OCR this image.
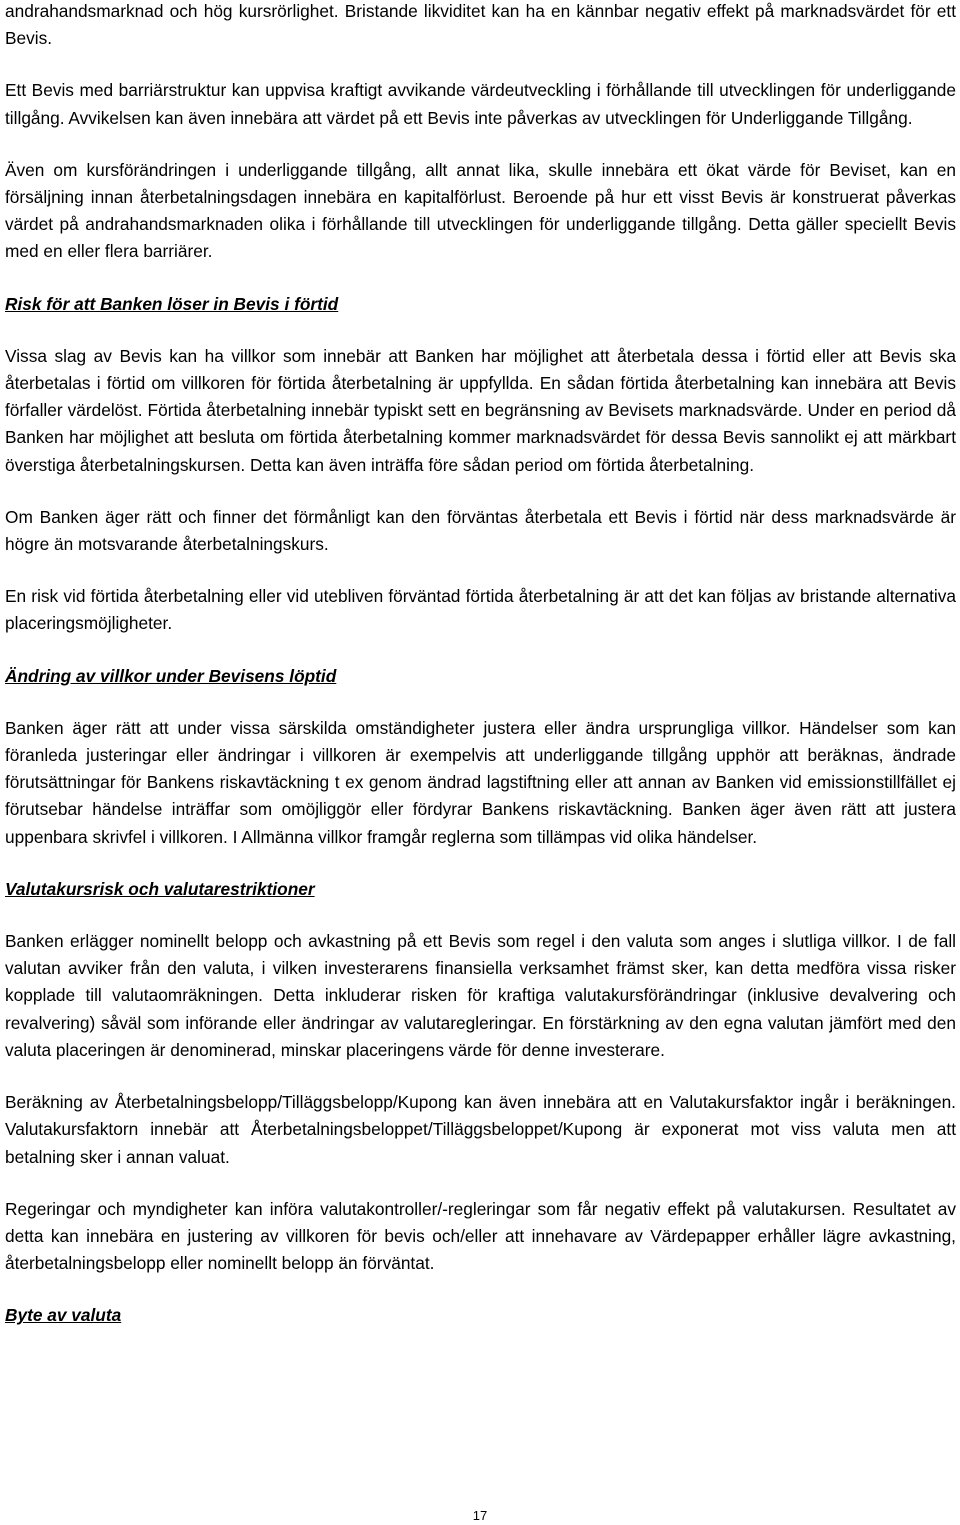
andrahandsmarknad och hög kursrörlighet. Bristande likviditet kan ha en kännbar negativ effekt på marknadsvärdet för ett Bevis.

Ett Bevis med barriärstruktur kan uppvisa kraftigt avvikande värdeutveckling i förhållande till utvecklingen för underliggande tillgång. Avvikelsen kan även innebära att värdet på ett Bevis inte påverkas av utvecklingen för Underliggande Tillgång.

Även om kursförändringen i underliggande tillgång, allt annat lika, skulle innebära ett ökat värde för Beviset, kan en försäljning innan återbetalningsdagen innebära en kapitalförlust. Beroende på hur ett visst Bevis är konstruerat påverkas värdet på andrahandsmarknaden olika i förhållande till utvecklingen för underliggande tillgång. Detta gäller speciellt Bevis med en eller flera barriärer.

Risk för att Banken löser in Bevis i förtid

Vissa slag av Bevis kan ha villkor som innebär att Banken har möjlighet att återbetala dessa i förtid eller att Bevis ska återbetalas i förtid om villkoren för förtida återbetalning är uppfyllda. En sådan förtida återbetalning kan innebära att Bevis förfaller värdelöst. Förtida återbetalning innebär typiskt sett en begränsning av Bevisets marknadsvärde. Under en period då Banken har möjlighet att besluta om förtida återbetalning kommer marknadsvärdet för dessa Bevis sannolikt ej att märkbart överstiga återbetalningskursen. Detta kan även inträffa före sådan period om förtida återbetalning.

Om Banken äger rätt och finner det förmånligt kan den förväntas återbetala ett Bevis i förtid när dess marknadsvärde är högre än motsvarande återbetalningskurs.

En risk vid förtida återbetalning eller vid utebliven förväntad förtida återbetalning är att det kan följas av bristande alternativa placeringsmöjligheter.

Ändring av villkor under Bevisens löptid

Banken äger rätt att under vissa särskilda omständigheter justera eller ändra ursprungliga villkor. Händelser som kan föranleda justeringar eller ändringar i villkoren är exempelvis att underliggande tillgång upphör att beräknas, ändrade förutsättningar för Bankens riskavtäckning t ex genom ändrad lagstiftning eller att annan av Banken vid emissionstillfället ej förutsebar händelse inträffar som omöjliggör eller fördyrar Bankens riskavtäckning. Banken äger även rätt att justera uppenbara skrivfel i villkoren. I Allmänna villkor framgår reglerna som tillämpas vid olika händelser.

Valutakursrisk och valutarestriktioner

Banken erlägger nominellt belopp och avkastning på ett Bevis som regel i den valuta som anges i slutliga villkor. I de fall valutan avviker från den valuta, i vilken investerarens finansiella verksamhet främst sker, kan detta medföra vissa risker kopplade till valutaomräkningen. Detta inkluderar risken för kraftiga valutakursförändringar (inklusive devalvering och revalvering) såväl som införande eller ändringar av valutaregleringar. En förstärkning av den egna valutan jämfört med den valuta placeringen är denominerad, minskar placeringens värde för denne investerare.

Beräkning av Återbetalningsbelopp/Tilläggsbelopp/Kupong kan även innebära att en Valutakursfaktor ingår i beräkningen. Valutakursfaktorn innebär att Återbetalningsbeloppet/Tilläggsbeloppet/Kupong är exponerat mot viss valuta men att betalning sker i annan valuat.

Regeringar och myndigheter kan införa valutakontroller/-regleringar som får negativ effekt på valutakursen. Resultatet av detta kan innebära en justering av villkoren för bevis och/eller att innehavare av Värdepapper erhåller lägre avkastning, återbetalningsbelopp eller nominellt belopp än förväntat.

Byte av valuta
17
